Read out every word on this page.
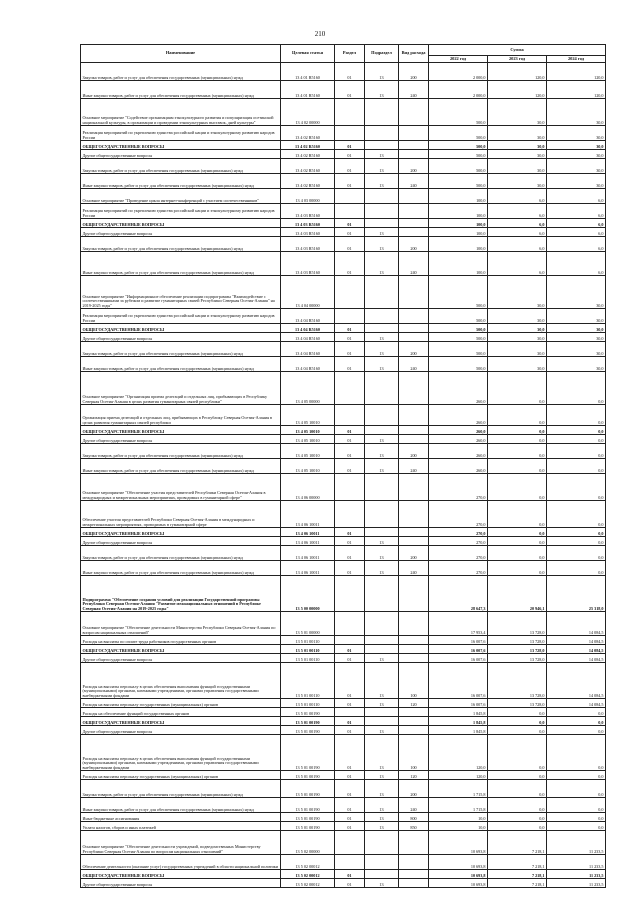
210
Наименование	Целевая статья	Раздел	Подраздел	Вид расхода	Сумма		
					2022 год	2023 год	2024 год
Закупка товаров, работ и услуг для обеспечения государственных (муниципальных) нужд	13 4 01 R5160	01	13	200	2 000,0	120,0	120,0
Иные закупки товаров, работ и услуг для обеспечения государственных (муниципальных) нужд	13 4 01 R5160	01	13	240	2 000,0	120,0	120,0
Основное мероприятие "Содействие организациям этнокультурного развития и популяризация осетинской национальной культуры, в организации и проведении этнокультурных выставок, дней культуры"	13 4 02 00000				500,0	30,0	30,0
Реализация мероприятий по укреплению единства российской нации и этнокультурному развитию народов России	13 4 02 R5160				500,0	30,0	30,0
ОБЩЕГОСУДАРСТВЕННЫЕ ВОПРОСЫ	13 4 02 R5160	01			500,0	30,0	30,0
Другие общегосударственные вопросы	13 4 02 R5160	01	13		500,0	30,0	30,0
Закупка товаров, работ и услуг для обеспечения государственных (муниципальных) нужд	13 4 02 R5160	01	13	200	500,0	30,0	30,0
Иные закупки товаров, работ и услуг для обеспечения государственных (муниципальных) нужд	13 4 02 R5160	01	13	240	500,0	30,0	30,0
Основное мероприятие "Проведение цикла интернет-конференций с участием соотечественников"	13 4 03 00000				100,0	6,0	6,0
Реализация мероприятий по укреплению единства российской нации и этнокультурному развитию народов России	13 4 03 R5160				100,0	6,0	6,0
ОБЩЕГОСУДАРСТВЕННЫЕ ВОПРОСЫ	13 4 03 R5160	01			100,0	6,0	6,0
Другие общегосударственные вопросы	13 4 03 R5160	01	13		100,0	6,0	6,0
Закупка товаров, работ и услуг для обеспечения государственных (муниципальных) нужд	13 4 03 R5160	01	13	200	100,0	6,0	6,0
Иные закупки товаров, работ и услуг для обеспечения государственных (муниципальных) нужд	13 4 03 R5160	01	13	240	100,0	6,0	6,0
Основное мероприятие "Информационное обеспечение реализации подпрограммы "Взаимодействие с соотечественниками за рубежом и развитие гуманитарных связей Республики Северная Осетия-Алания" на 2019-2025 годы"	13 4 04 00000				500,0	30,0	30,0
Реализация мероприятий по укреплению единства российской нации и этнокультурному развитию народов России	13 4 04 R5160				500,0	30,0	30,0
ОБЩЕГОСУДАРСТВЕННЫЕ ВОПРОСЫ	13 4 04 R5160	01			500,0	30,0	30,0
Другие общегосударственные вопросы	13 4 04 R5160	01	13		500,0	30,0	30,0
Закупка товаров, работ и услуг для обеспечения государственных (муниципальных) нужд	13 4 04 R5160	01	13	200	500,0	30,0	30,0
Иные закупки товаров, работ и услуг для обеспечения государственных (муниципальных) нужд	13 4 04 R5160	01	13	240	500,0	30,0	30,0
Основное мероприятие "Организация приема делегаций и отдельных лиц, прибывающих в Республику Северная Осетия-Алания в целях развития гуманитарных связей республики"	13 4 05 00000				260,0	0,0	0,0
Организация приема делегаций и отдельных лиц, прибывающих в Республику Северная Осетия-Алания в целях развития гуманитарных связей республики	13 4 05 10010				260,0	0,0	0,0
ОБЩЕГОСУДАРСТВЕННЫЕ ВОПРОСЫ	13 4 05 10010	01			260,0	0,0	0,0
Другие общегосударственные вопросы	13 4 05 10010	01	13		260,0	0,0	0,0
Закупка товаров, работ и услуг для обеспечения государственных (муниципальных) нужд	13 4 05 10010	01	13	200	260,0	0,0	0,0
Иные закупки товаров, работ и услуг для обеспечения государственных (муниципальных) нужд	13 4 05 10010	01	13	240	260,0	0,0	0,0
Основное мероприятие "Обеспечение участия представителей Республики Северная Осетия-Алания в международных и межрегиональных мероприятиях, проводимых в гуманитарной сфере"	13 4 06 00000				270,0	0,0	0,0
Обеспечение участия представителей Республики Северная Осетия-Алания в международных и межрегиональных мероприятиях, проводимых в гуманитарной сфере	13 4 06 10011				270,0	0,0	0,0
ОБЩЕГОСУДАРСТВЕННЫЕ ВОПРОСЫ	13 4 06 10011	01			270,0	0,0	0,0
Другие общегосударственные вопросы	13 4 06 10011	01	13		270,0	0,0	0,0
Закупка товаров, работ и услуг для обеспечения государственных (муниципальных) нужд	13 4 06 10011	01	13	200	270,0	0,0	0,0
Иные закупки товаров, работ и услуг для обеспечения государственных (муниципальных) нужд	13 4 06 10011	01	13	240	270,0	0,0	0,0
Подпрограмма "Обеспечение создания условий для реализации Государственной программы Республики Северная Осетия-Алания "Развитие межнациональных отношений в Республике Северная Осетия-Алания на 2019-2025 годы"	13 5 00 00000				28 647,3	20 946,1	25 318,0
Основное мероприятие "Обеспечение деятельности Министерства Республики Северная Осетия-Алания по вопросам национальных отношений"	13 5 01 00000				17 953,4	13 728,0	14 084,5
Расходы на выплаты по оплате труда работников государственных органов	13 5 01 00110				16 007,6	13 728,0	14 084,5
ОБЩЕГОСУДАРСТВЕННЫЕ ВОПРОСЫ	13 5 01 00110	01			16 007,6	13 728,0	14 084,5
Другие общегосударственные вопросы	13 5 01 00110	01	13		16 007,6	13 728,0	14 084,5
Расходы на выплаты персоналу в целях обеспечения выполнения функций государственными (муниципальными) органами, казенными учреждениями, органами управления государственными внебюджетными фондами	13 5 01 00110	01	13	100	16 007,6	13 728,0	14 084,5
Расходы на выплаты персоналу государственных (муниципальных) органов	13 5 01 00110	01	13	120	16 007,6	13 728,0	14 084,5
Расходы на обеспечение функций государственных органов	13 5 01 00190				1 845,8	0,0	0,0
ОБЩЕГОСУДАРСТВЕННЫЕ ВОПРОСЫ	13 5 01 00190	01			1 845,8	0,0	0,0
Другие общегосударственные вопросы	13 5 01 00190	01	13		1 845,8	0,0	0,0
Расходы на выплаты персоналу в целях обеспечения выполнения функций государственными (муниципальными) органами, казенными учреждениями, органами управления государственными внебюджетными фондами	13 5 01 00190	01	13	100	120,0	0,0	0,0
Расходы на выплаты персоналу государственных (муниципальных) органов	13 5 01 00190	01	13	120	120,0	0,0	0,0
Закупка товаров, работ и услуг для обеспечения государственных (муниципальных) нужд	13 5 01 00190	01	13	200	1 715,8	0,0	0,0
Иные закупки товаров, работ и услуг для обеспечения государственных (муниципальных) нужд	13 5 01 00190	01	13	240	1 715,8	0,0	0,0
Иные бюджетные ассигнования	13 5 01 00190	01	13	800	10,0	0,0	0,0
Уплата налогов, сборов и иных платежей	13 5 01 00190	01	13	850	10,0	0,0	0,0
Основное мероприятие "Обеспечение деятельности учреждений, подведомственных Министерству Республики Северная Осетия-Алания по вопросам национальных отношений"	13 5 02 00000				10 693,8	7 218,1	11 233,5
Обеспечение деятельности (оказание услуг) государственных учреждений в области национальной политики	13 5 02 00012				10 693,8	7 218,1	11 233,5
ОБЩЕГОСУДАРСТВЕННЫЕ ВОПРОСЫ	13 5 02 00012	01			10 693,8	7 218,1	11 233,5
Другие общегосударственные вопросы	13 5 02 00012	01	13		10 693,8	7 218,1	11 233,5
